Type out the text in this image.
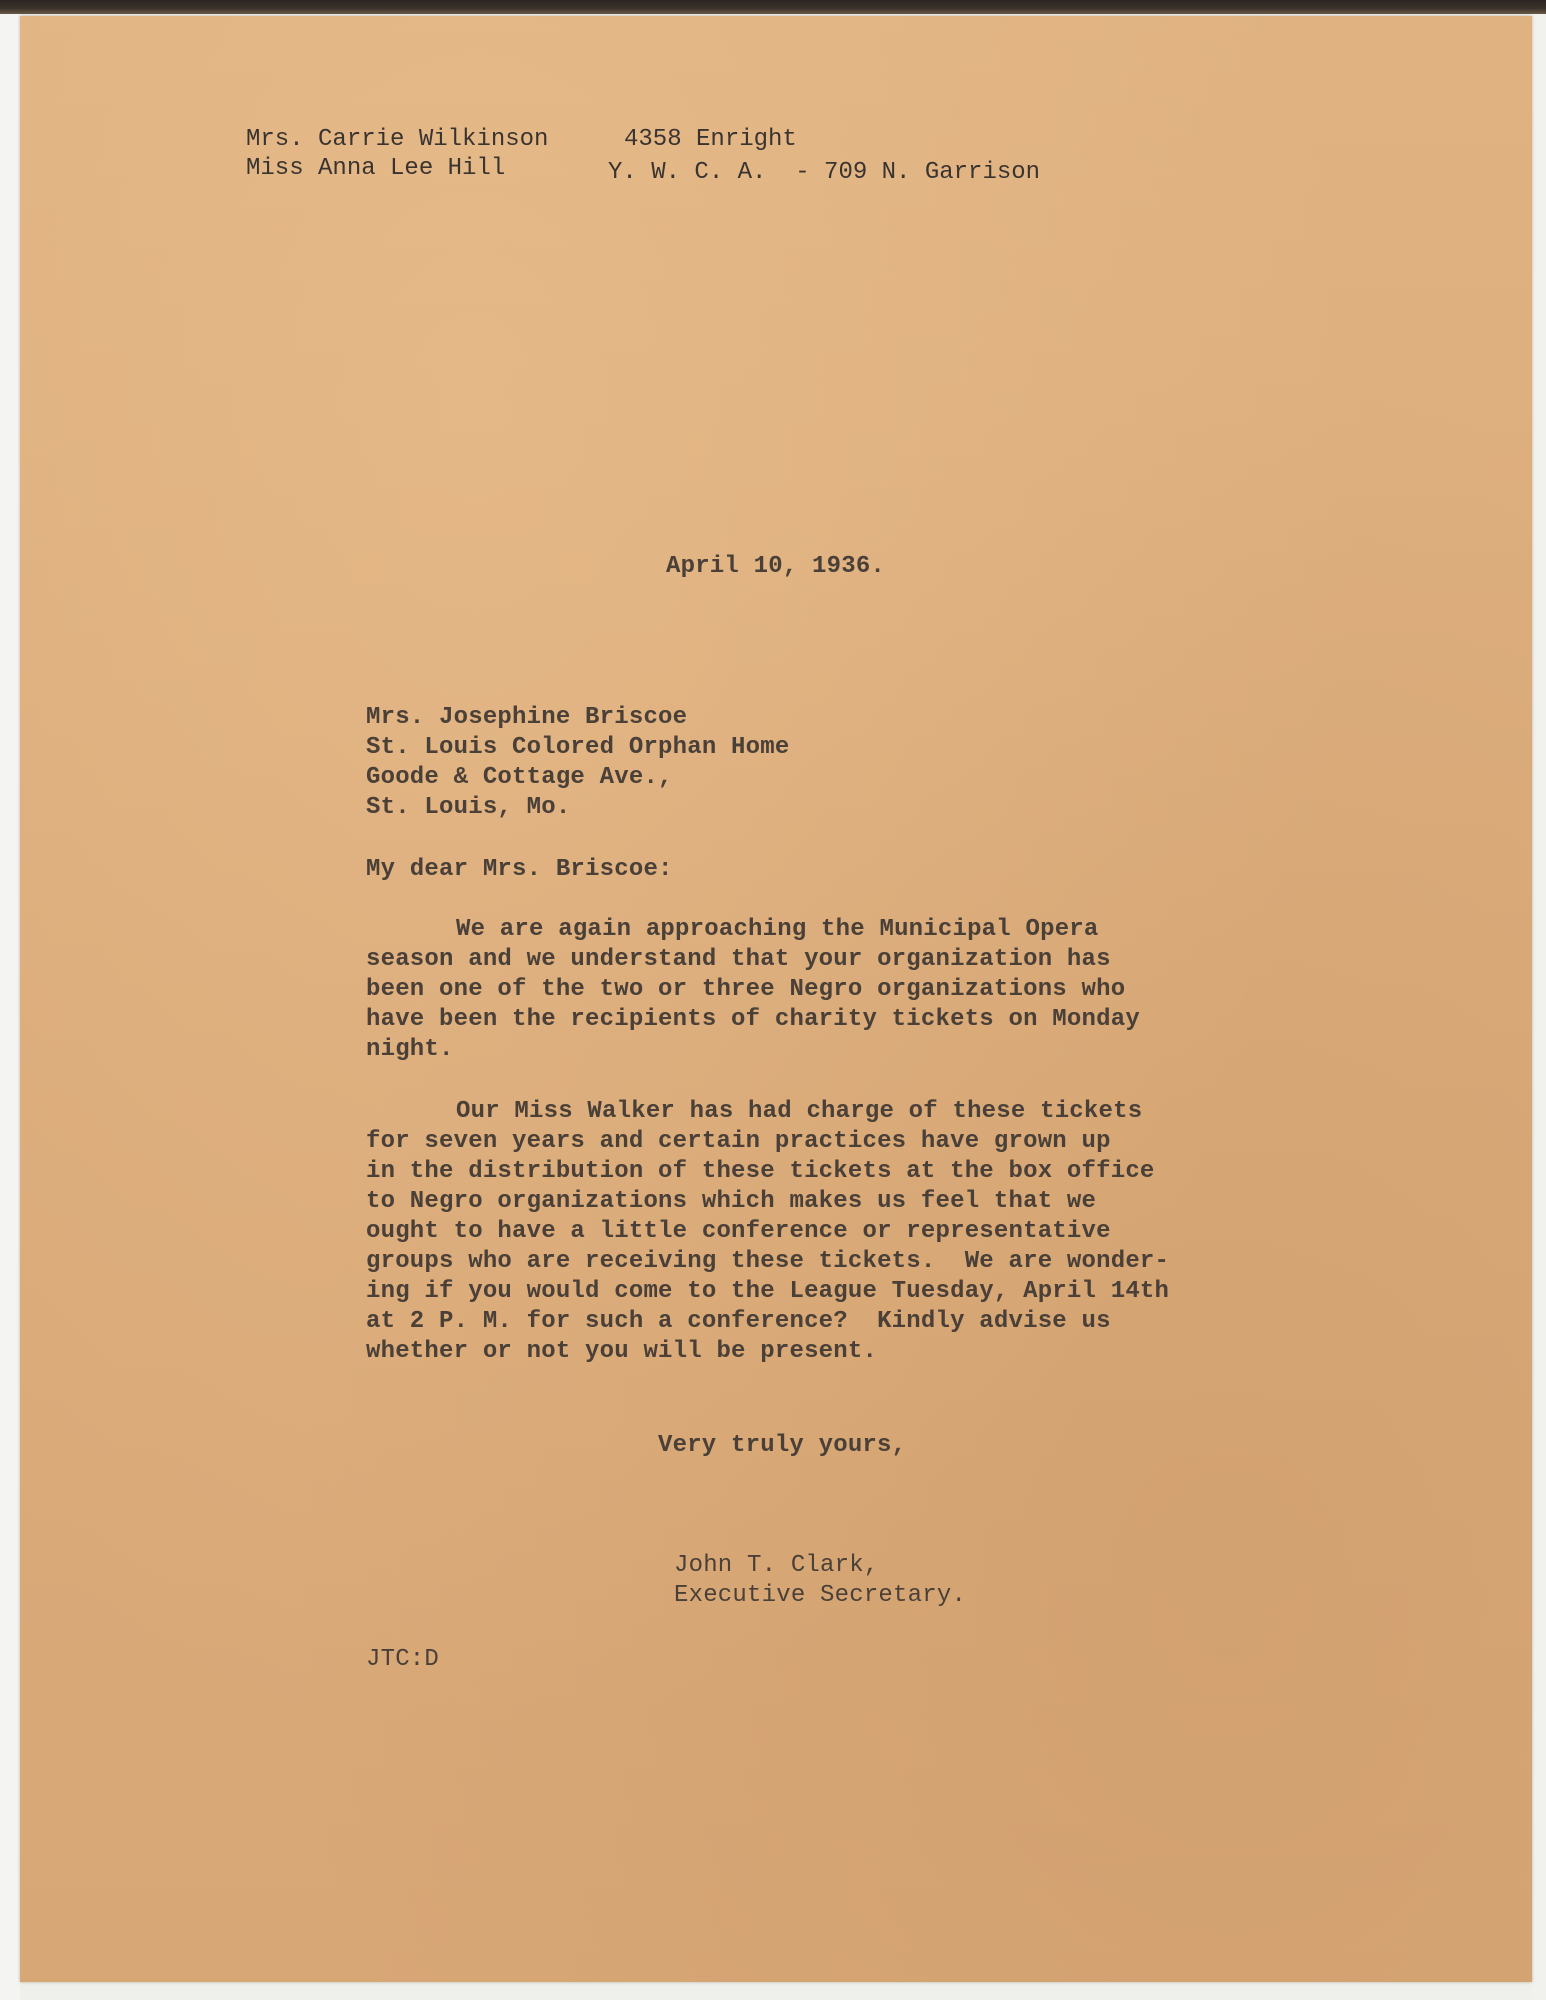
Mrs. Carrie Wilkinson	4358 Enright

Miss Anna Lee Hill	Y. W. C. A.  - 709 N. Garrison

April 10, 1936.

Mrs. Josephine Briscoe

St. Louis Colored Orphan Home

Goode & Cottage Ave.,

St. Louis, Mo.

My dear Mrs. Briscoe:

We are again approaching the Municipal Opera

season and we understand that your organization has

been one of the two or three Negro organizations who

have been the recipients of charity tickets on Monday

night.

Our Miss Walker has had charge of these tickets

for seven years and certain practices have grown up

in the distribution of these tickets at the box office

to Negro organizations which makes us feel that we

ought to have a little conference or representative

groups who are receiving these tickets.  We are wonder-

ing if you would come to the League Tuesday, April 14th

at 2 P. M. for such a conference?  Kindly advise us

whether or not you will be present.

Very truly yours,

John T. Clark,

Executive Secretary.

JTC:D
